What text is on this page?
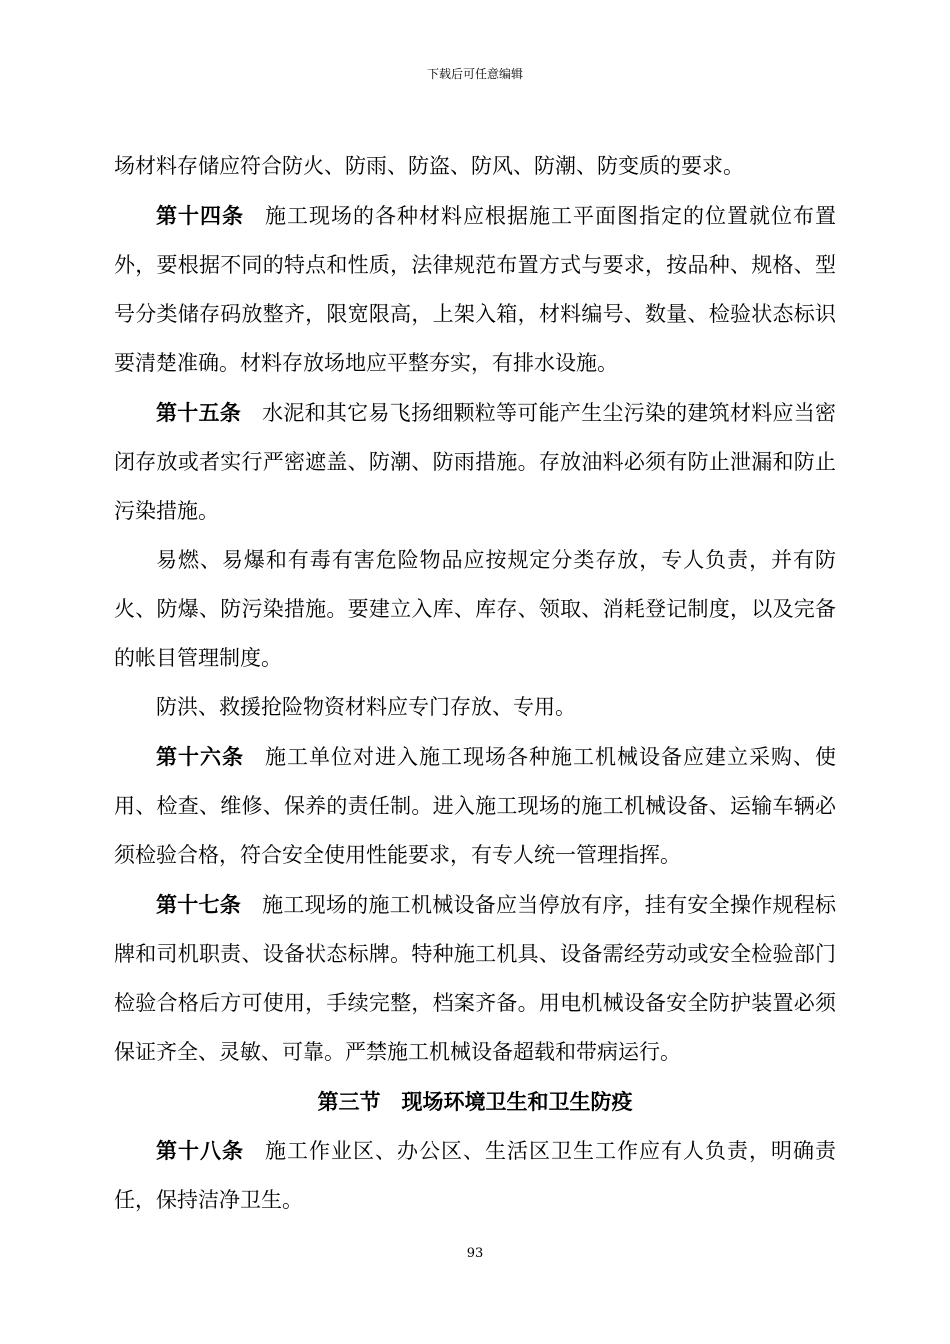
下载后可任意编辑

场材料存储应符合防火、防雨、防盗、防风、防潮、防变质的要求。

第十四条 施工现场的各种材料应根据施工平面图指定的位置就位布置外，要根据不同的特点和性质，法律规范布置方式与要求，按品种、规格、型号分类储存码放整齐，限宽限高，上架入箱，材料编号、数量、检验状态标识要清楚准确。材料存放场地应平整夯实，有排水设施。

第十五条 水泥和其它易飞扬细颗粒等可能产生尘污染的建筑材料应当密闭存放或者实行严密遮盖、防潮、防雨措施。存放油料必须有防止泄漏和防止污染措施。

易燃、易爆和有毒有害危险物品应按规定分类存放，专人负责，并有防火、防爆、防污染措施。要建立入库、库存、领取、消耗登记制度，以及完备的帐目管理制度。

防洪、救援抢险物资材料应专门存放、专用。

第十六条 施工单位对进入施工现场各种施工机械设备应建立采购、使用、检查、维修、保养的责任制。进入施工现场的施工机械设备、运输车辆必须检验合格，符合安全使用性能要求，有专人统一管理指挥。

第十七条 施工现场的施工机械设备应当停放有序，挂有安全操作规程标牌和司机职责、设备状态标牌。特种施工机具、设备需经劳动或安全检验部门检验合格后方可使用，手续完整，档案齐备。用电机械设备安全防护装置必须保证齐全、灵敏、可靠。严禁施工机械设备超载和带病运行。

第三节 现场环境卫生和卫生防疫

第十八条 施工作业区、办公区、生活区卫生工作应有人负责，明确责任，保持洁净卫生。

93
